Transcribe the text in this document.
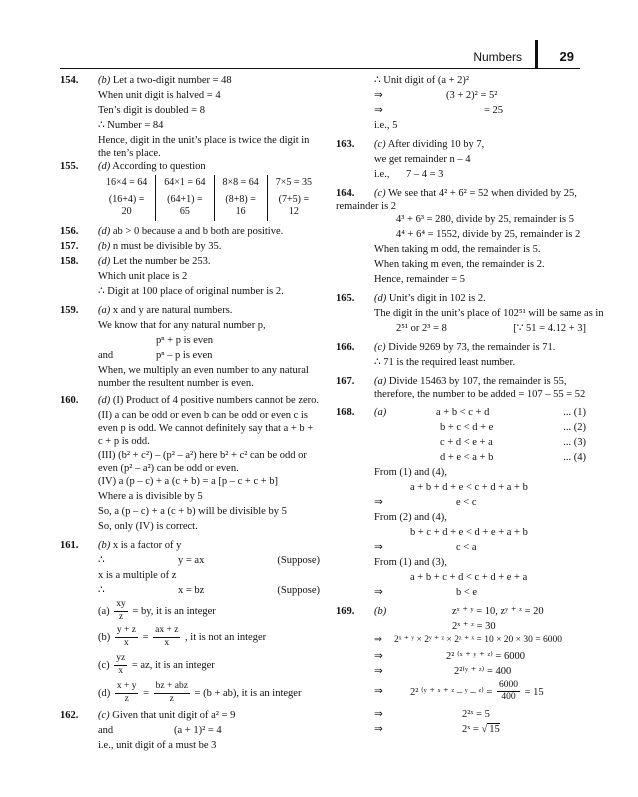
Numbers	29
154. (b) Let a two-digit number = 48
When unit digit is halved = 4
Ten’s digit is doubled = 8
∴ Number = 84
Hence, digit in the unit’s place is twice the digit in the ten’s place.
155. (d) According to question
16×4 = 64	64×1 = 64	8×8 = 64	7×5 = 35
(16+4) = 20	(64+1) = 65	(8+8) = 16	(7+5) = 12
156. (d) ab > 0 because a and b both are positive.
157. (b) n must be divisible by 35.
158. (d) Let the number be 253.
Which unit place is 2
∴ Digit at 100 place of original number is 2.
159. (a) x and y are natural numbers.
We know that for any natural number p,
pⁿ + p is even
and	pⁿ – p is even
When, we multiply an even number to any natural number the resultent number is even.
160. (d) (I) Product of 4 positive numbers cannot be zero.
(II) a can be odd or even b can be odd or even c is even p is odd. We cannot definitely say that a + b + c + p is odd.
(III) (b² + c²) – (p² – a²) here b² + c² can be odd or even (p² – a²) can be odd or even.
(IV) a (p – c) + a (c + b) = a [p – c + c + b]
Where a is divisible by 5
So, a (p – c) + a (c + b) will be divisible by 5
So, only (IV) is correct.
161. (b) x is a factor of y
∴	y = ax	(Suppose)
x is a multiple of z
∴	x = bz	(Suppose)
$(a) \frac{xy}{z}$ = by, it is an integer
$(b) \frac{y + z}{x} = \frac{ax + z}{x}$ , it is not an integer
$(c) \frac{yz}{x}$ = az, it is an integer
$(d) \frac{x + y}{z} = \frac{\text{bz + abz}}{z} = (b + ab)$, it is an integer
162. (c) Given that unit digit of a² = 9
and	(a + 1)² = 4
i.e., unit digit of a must be 3
∴ Unit digit of (a + 2)²
⇒	(3 + 2)² = 5²
⇒	= 25
i.e., 5
163. (c) After dividing 10 by 7,
we get remainder n – 4
i.e., 7 – 4 = 3
164. (c) We see that 4² + 6² = 52 when divided by 25, remainder is 2
4³ + 6³ = 280, divide by 25, remainder is 5
4⁴ + 6⁴ = 1552, divide by 25, remainder is 2
When taking m odd, the remainder is 5.
When taking m even, the remainder is 2.
Hence, remainder = 5
165. (d) Unit’s digit in 102 is 2.
The digit in the unit’s place of 102⁵¹ will be same as in
2⁵¹ or 2³ = 8	[∵ 51 = 4.12 + 3]
166. (c) Divide 9269 by 73, the remainder is 71.
∴ 71 is the required least number.
167. (a) Divide 15463 by 107, the remainder is 55, therefore, the number to be added = 107 – 55 = 52
168. (a)	a + b < c + d	... (1)
b + c < d + e	... (2)
c + d < e + a	... (3)
d + e < a + b	... (4)
From (1) and (4),
a + b + d + e < c + d + a + b
⇒	e < c
From (2) and (4),
b + c + d + e < d + e + a + b
⇒	c < a
From (1) and (3),
a + b + c + d < c + d + e + a
⇒	b < e
169. (b)	zˣ ⁺ ʸ = 10, zʸ ⁺ ᶻ = 20
2ˣ ⁺ ᶻ = 30
⇒ 2ˣ ⁺ ʸ × 2ʸ ⁺ ᶻ × 2ᶻ ⁺ ˣ = 10 × 20 × 30 = 6000
⇒	2² ⁽ˣ ⁺ ʸ ⁺ ᶻ⁾ = 6000
⇒	2²⁽ʸ ⁺ ᶻ⁾ = 400
⇒	2² ⁽ʸ ⁺ ˣ ⁺ ᶻ – ʸ – ᶻ⁾ = $\frac{6000}{400} = 15$
⇒	2²ˣ = 5
⇒	2ˣ = √ 15
